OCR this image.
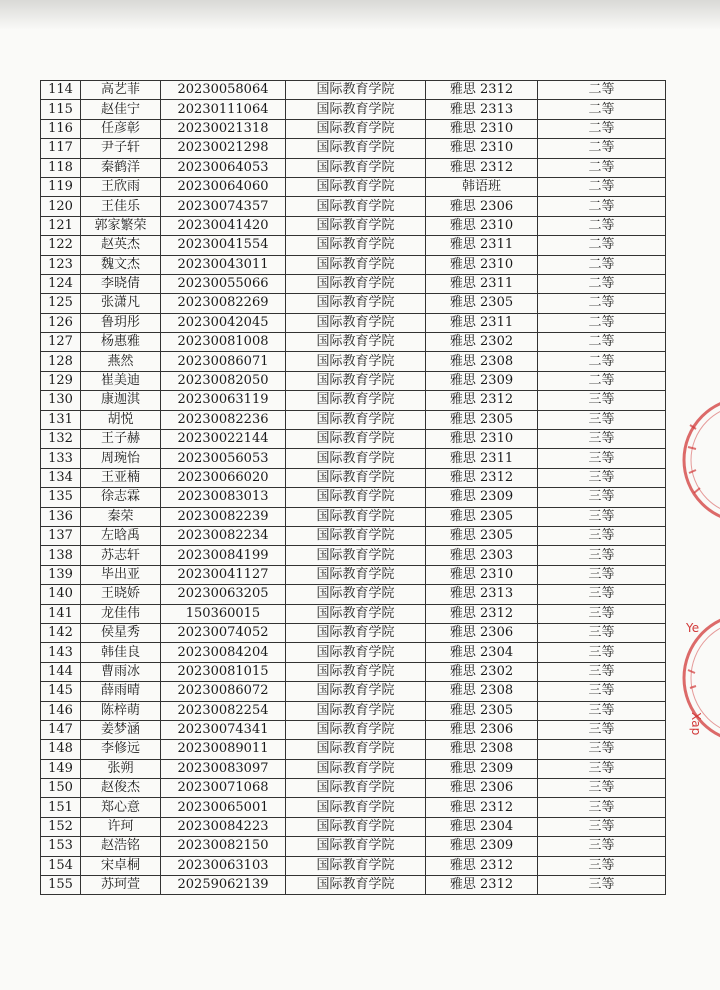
114	高艺菲	20230058064	国际教育学院	雅思 2312	二等
115	赵佳宁	20230111064	国际教育学院	雅思 2313	二等
116	任彦彰	20230021318	国际教育学院	雅思 2310	二等
117	尹子轩	20230021298	国际教育学院	雅思 2310	二等
118	秦鹤洋	20230064053	国际教育学院	雅思 2312	二等
119	王欣雨	20230064060	国际教育学院	韩语班	二等
120	王佳乐	20230074357	国际教育学院	雅思 2306	二等
121	郭家繁荣	20230041420	国际教育学院	雅思 2310	二等
122	赵英杰	20230041554	国际教育学院	雅思 2311	二等
123	魏文杰	20230043011	国际教育学院	雅思 2310	二等
124	李晓倩	20230055066	国际教育学院	雅思 2311	二等
125	张潇凡	20230082269	国际教育学院	雅思 2305	二等
126	鲁玥彤	20230042045	国际教育学院	雅思 2311	二等
127	杨惠雅	20230081008	国际教育学院	雅思 2302	二等
128	燕然	20230086071	国际教育学院	雅思 2308	二等
129	崔美迪	20230082050	国际教育学院	雅思 2309	二等
130	康迦淇	20230063119	国际教育学院	雅思 2312	三等
131	胡悦	20230082236	国际教育学院	雅思 2305	三等
132	王子赫	20230022144	国际教育学院	雅思 2310	三等
133	周琬怡	20230056053	国际教育学院	雅思 2311	三等
134	王亚楠	20230066020	国际教育学院	雅思 2312	三等
135	徐志霖	20230083013	国际教育学院	雅思 2309	三等
136	秦荣	20230082239	国际教育学院	雅思 2305	三等
137	左晗禹	20230082234	国际教育学院	雅思 2305	三等
138	苏志轩	20230084199	国际教育学院	雅思 2303	三等
139	毕出亚	20230041127	国际教育学院	雅思 2310	三等
140	王晓娇	20230063205	国际教育学院	雅思 2313	三等
141	龙佳伟	150360015	国际教育学院	雅思 2312	三等
142	侯星秀	20230074052	国际教育学院	雅思 2306	三等
143	韩佳良	20230084204	国际教育学院	雅思 2304	三等
144	曹雨冰	20230081015	国际教育学院	雅思 2302	三等
145	薛雨晴	20230086072	国际教育学院	雅思 2308	三等
146	陈梓萌	20230082254	国际教育学院	雅思 2305	三等
147	姜梦涵	20230074341	国际教育学院	雅思 2306	三等
148	李修远	20230089011	国际教育学院	雅思 2308	三等
149	张朔	20230083097	国际教育学院	雅思 2309	三等
150	赵俊杰	20230071068	国际教育学院	雅思 2306	三等
151	郑心意	20230065001	国际教育学院	雅思 2312	三等
152	许珂	20230084223	国际教育学院	雅思 2304	三等
153	赵浩铭	20230082150	国际教育学院	雅思 2309	三等
154	宋卓桐	20230063103	国际教育学院	雅思 2312	三等
155	苏珂萱	20259062139	国际教育学院	雅思 2312	三等
Ye
Xap
